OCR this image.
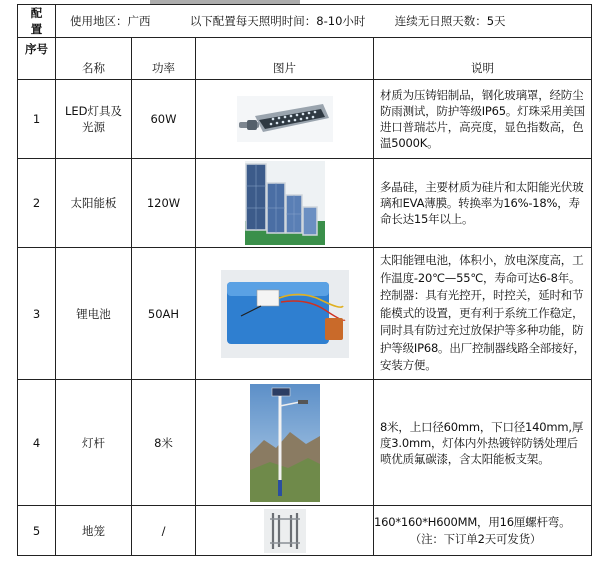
配
置	使用地区：广西 以下配置每天照明时间：8-10小时 连续无日照天数：5天			
序号	名称	功率	图片	说明
1	LED灯具及光源	60W		材质为压铸铝制品，钢化玻璃罩，经防尘防雨测试，防护等级IP65。灯珠采用美国进口普瑞芯片，高亮度，显色指数高，色温5000K。
2	太阳能板	120W		多晶硅，主要材质为硅片和太阳能光伏玻璃和EVA薄膜。转换率为16%-18%，寿命长达15年以上。
3	锂电池	50AH		太阳能锂电池，体积小，放电深度高，工作温度-20℃—55℃，寿命可达6-8年。控制器：具有光控开，时控关，延时和节能模式的设置，更有利于系统工作稳定，同时具有防过充过放保护等多种功能，防护等级IP68。出厂控制器线路全部接好，安装方便。
4	灯杆	8米		8米，上口径60mm，下口径140mm,厚度3.0mm，灯体内外热镀锌防锈处理后喷优质氟碳漆，含太阳能板支架。
5	地笼	/		160*160*H600MM，用16厘螺杆弯。
（注：下订单2天可发货）
